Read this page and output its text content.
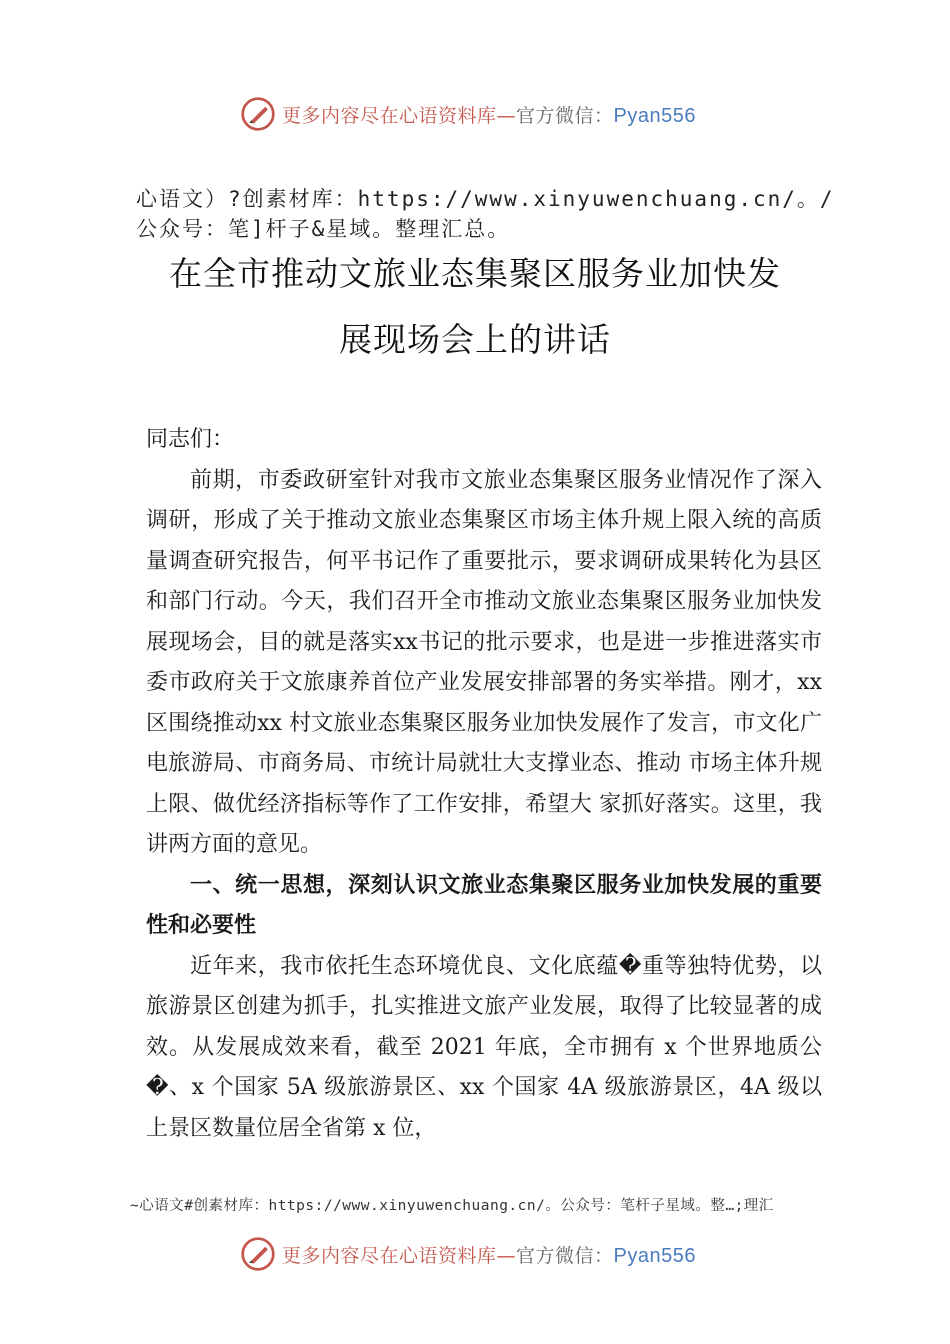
更多内容尽在心语资料库—官方微信：Pyan556
心语文）?创素材库：https://www.xinyuwenchuang.cn/。/公众号：笔]杆子&星域。整理汇总。
在全市推动文旅业态集聚区服务业加快发
展现场会上的讲话

同志们：

前期，市委政研室针对我市文旅业态集聚区服务业情况作了深入调研，形成了关于推动文旅业态集聚区市场主体升规上限入统的高质量调查研究报告，何平书记作了重要批示，要求调研成果转化为县区和部门行动。今天，我们召开全市推动文旅业态集聚区服务业加快发展现场会，目的就是落实xx书记的批示要求，也是进一步推进落实市委市政府关于文旅康养首位产业发展安排部署的务实举措。刚才，xx区围绕推动xx 村文旅业态集聚区服务业加快发展作了发言，市文化广电旅游局、市商务局、市统计局就壮大支撑业态、推动 市场主体升规上限、做优经济指标等作了工作安排，希望大 家抓好落实。这里，我讲两方面的意见。

一、统一思想，深刻认识文旅业态集聚区服务业加快发展的重要性和必要性

近年来，我市依托生态环境优良、文化底蕴�重等独特优势，以旅游景区创建为抓手，扎实推进文旅产业发展，取得了比较显著的成效。从发展成效来看，截至 2021 年底，全市拥有 x 个世界地质公�、x 个国家 5A 级旅游景区、xx 个国家 4A 级旅游景区，4A 级以上景区数量位居全省第 x 位，

~心语文#创素材库：https://www.xinyuwenchuang.cn/。公众号：笔杆子星域。整…;理汇
更多内容尽在心语资料库—官方微信：Pyan556
